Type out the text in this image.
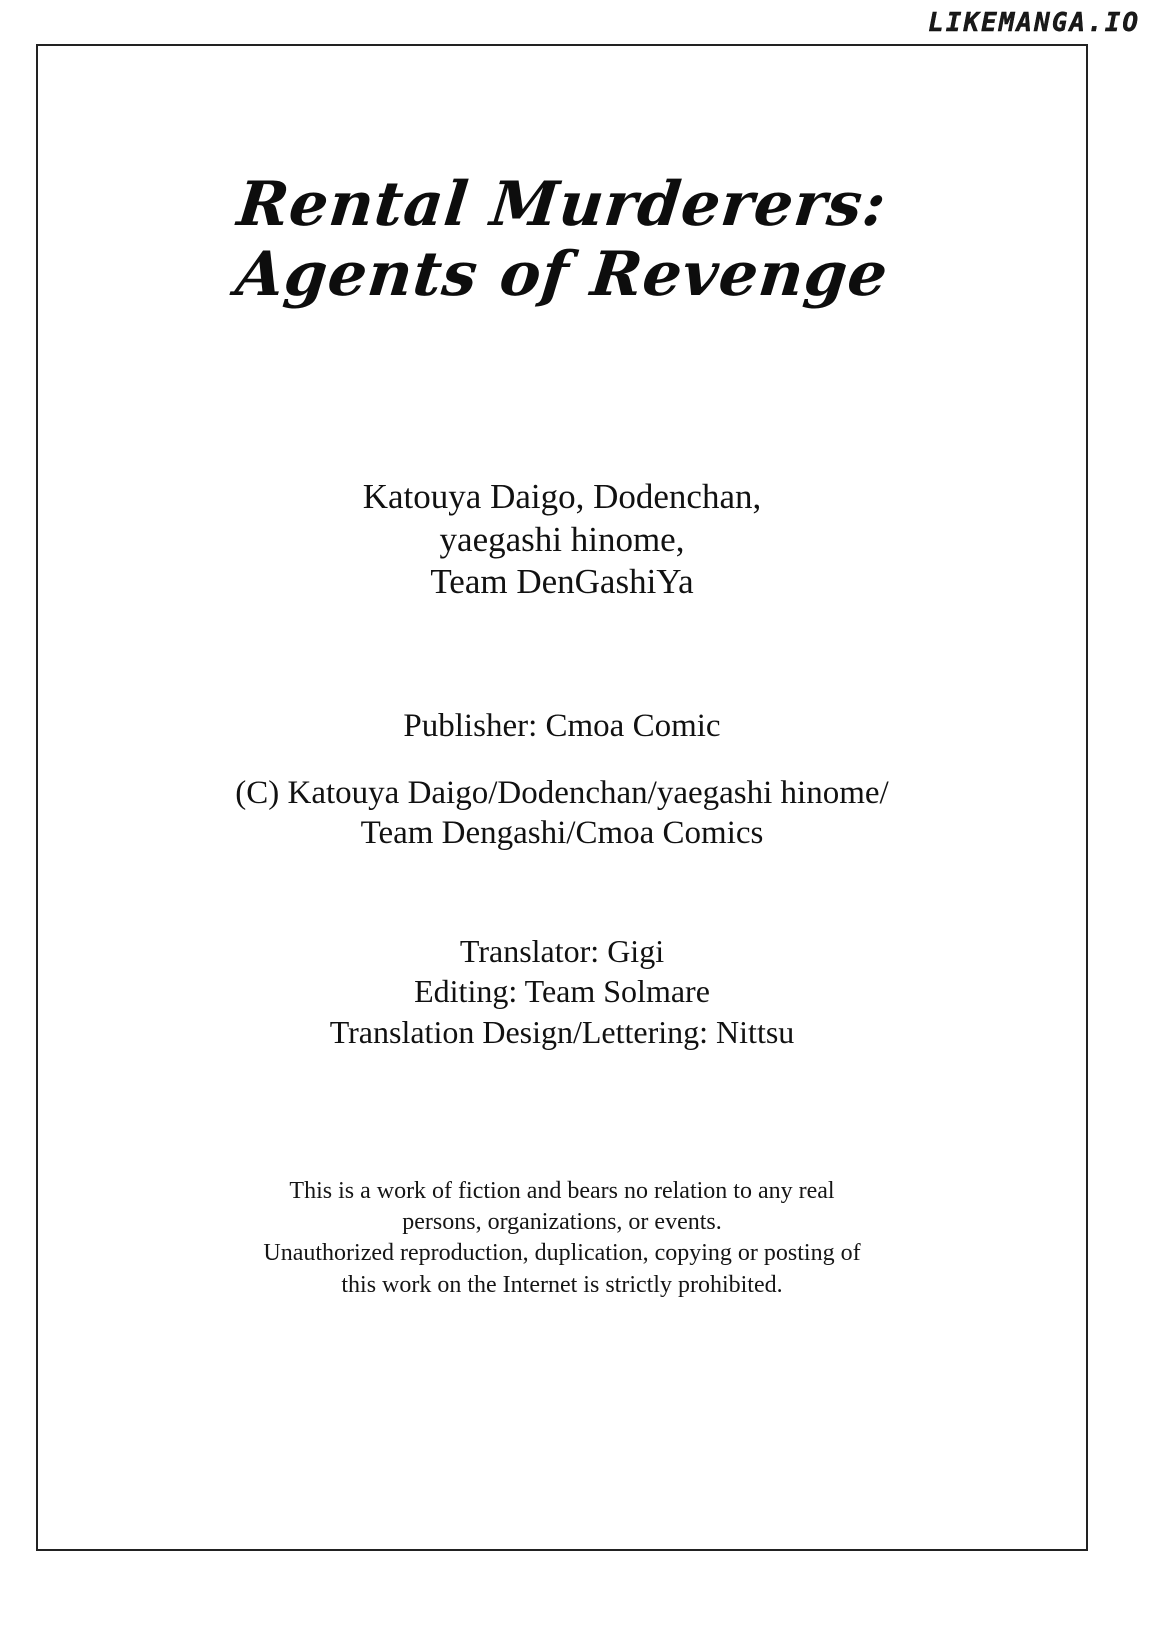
LIKEMANGA.IO
Rental Murderers:
Agents of Revenge
Katouya Daigo, Dodenchan,
yaegashi hinome,
Team DenGashiYa
Publisher: Cmoa Comic
(C) Katouya Daigo/Dodenchan/yaegashi hinome/
Team Dengashi/Cmoa Comics
Translator: Gigi
Editing: Team Solmare
Translation Design/Lettering: Nittsu
This is a work of fiction and bears no relation to any real
persons, organizations, or events.
Unauthorized reproduction, duplication, copying or posting of
this work on the Internet is strictly prohibited.
